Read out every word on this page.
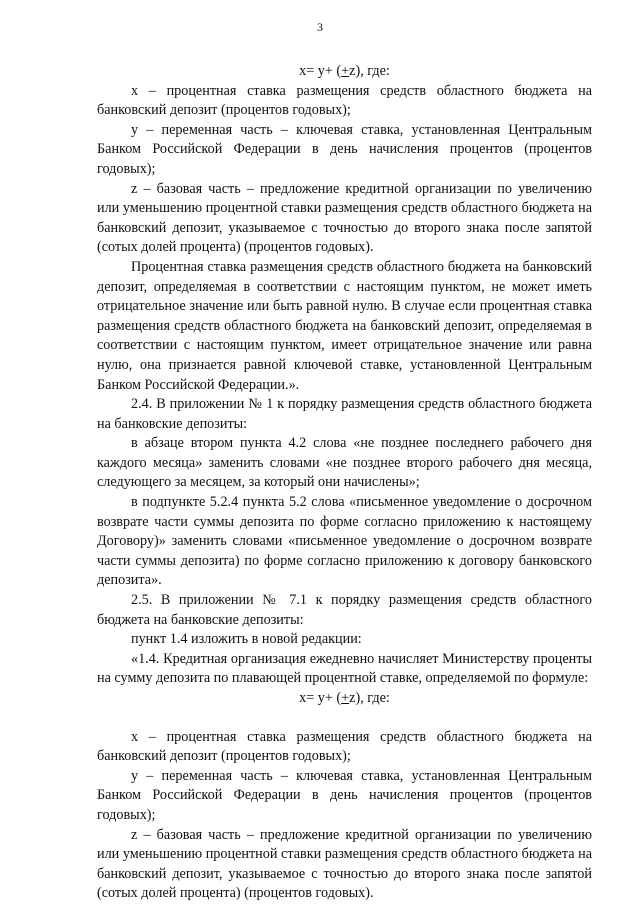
3

x= y+ (+z), где:

x – процентная ставка размещения средств областного бюджета на банковский депозит (процентов годовых);

y – переменная часть – ключевая ставка, установленная Центральным Банком Российской Федерации в день начисления процентов (процентов годовых);

z – базовая часть – предложение кредитной организации по увеличению или уменьшению процентной ставки размещения средств областного бюджета на банковский депозит, указываемое с точностью до второго знака после запятой (сотых долей процента) (процентов годовых).

Процентная ставка размещения средств областного бюджета на банковский депозит, определяемая в соответствии с настоящим пунктом, не может иметь отрицательное значение или быть равной нулю. В случае если процентная ставка размещения средств областного бюджета на банковский депозит, определяемая в соответствии с настоящим пунктом, имеет отрицательное значение или равна нулю, она признается равной ключевой ставке, установленной Центральным Банком Российской Федерации.».

2.4. В приложении № 1 к порядку размещения средств областного бюджета на банковские депозиты:

в абзаце втором пункта 4.2 слова «не позднее последнего рабочего дня каждого месяца» заменить словами «не позднее второго рабочего дня месяца, следующего за месяцем, за который они начислены»;

в подпункте 5.2.4 пункта 5.2 слова «письменное уведомление о досрочном возврате части суммы депозита по форме согласно приложению к настоящему Договору)» заменить словами «письменное уведомление о досрочном возврате части суммы депозита) по форме согласно приложению к договору банковского депозита».

2.5. В приложении № 7.1 к порядку размещения средств областного бюджета на банковские депозиты:

пункт 1.4 изложить в новой редакции:

«1.4. Кредитная организация ежедневно начисляет Министерству проценты на сумму депозита по плавающей процентной ставке, определяемой по формуле:

x= y+ (+z), где:

x – процентная ставка размещения средств областного бюджета на банковский депозит (процентов годовых);

y – переменная часть – ключевая ставка, установленная Центральным Банком Российской Федерации в день начисления процентов (процентов годовых);

z – базовая часть – предложение кредитной организации по увеличению или уменьшению процентной ставки размещения средств областного бюджета на банковский депозит, указываемое с точностью до второго знака после запятой (сотых долей процента) (процентов годовых).
